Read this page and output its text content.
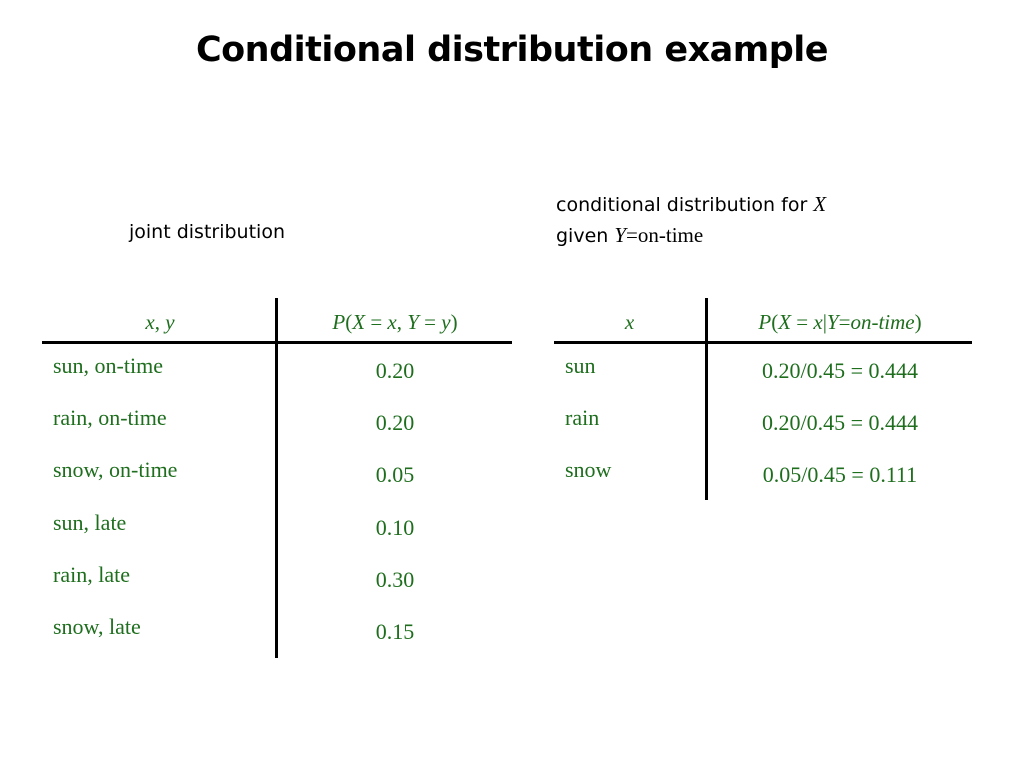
Conditional distribution example
joint distribution
conditional distribution for X
given Y=on-time
x, y	P(X = x, Y = y)
sun, on-time	0.20
rain, on-time	0.20
snow, on-time	0.05
sun, late	0.10
rain, late	0.30
snow, late	0.15
x	P(X = x|Y=on-time)
sun	0.20/0.45 = 0.444
rain	0.20/0.45 = 0.444
snow	0.05/0.45 = 0.111
